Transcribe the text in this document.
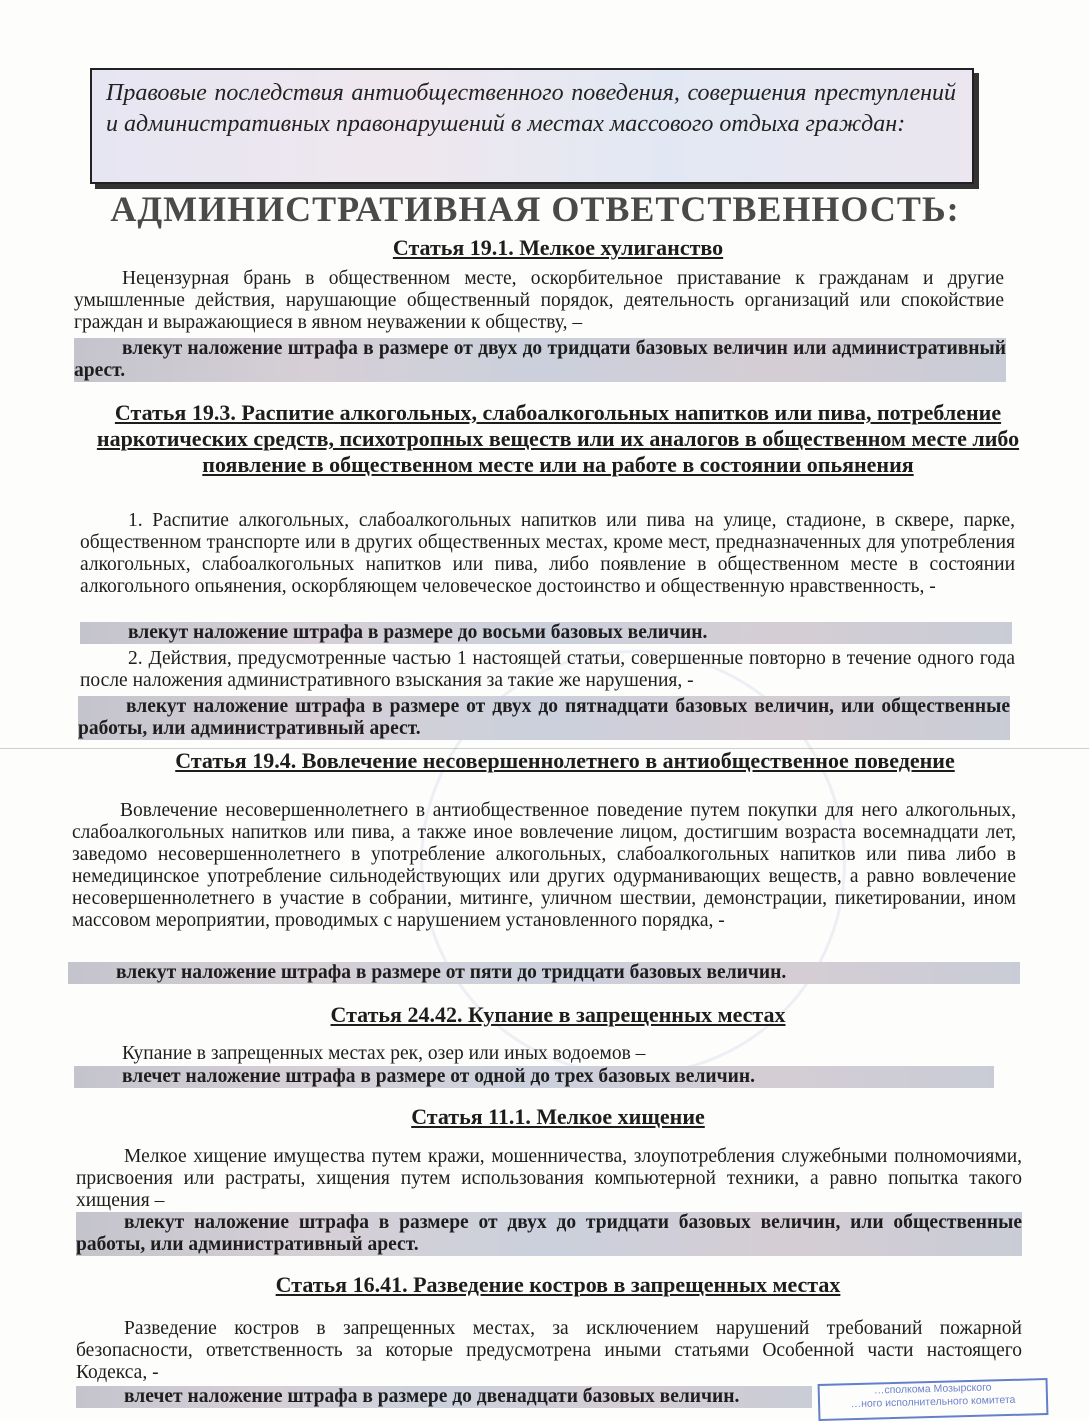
Правовые последствия антиобщественного поведения, совершения преступлений и административных правонарушений в местах массового отдыха граждан:

АДМИНИСТРАТИВНАЯ ОТВЕТСТВЕННОСТЬ:
Статья 19.1. Мелкое хулиганство

Нецензурная брань в общественном месте, оскорбительное приставание к гражданам и другие умышленные действия, нарушающие общественный порядок, деятельность организаций или спокойствие граждан и выражающиеся в явном неуважении к обществу, –

влекут наложение штрафа в размере от двух до тридцати базовых величин или административный арест.

Статья 19.3. Распитие алкогольных, слабоалкогольных напитков или пива, потребление наркотических средств, психотропных веществ или их аналогов в общественном месте либо появление в общественном месте или на работе в состоянии опьянения

1. Распитие алкогольных, слабоалкогольных напитков или пива на улице, стадионе, в сквере, парке, общественном транспорте или в других общественных местах, кроме мест, предназначенных для употребления алкогольных, слабоалкогольных напитков или пива, либо появление в общественном месте в состоянии алкогольного опьянения, оскорбляющем человеческое достоинство и общественную нравственность, -

влекут наложение штрафа в размере до восьми базовых величин.

2. Действия, предусмотренные частью 1 настоящей статьи, совершенные повторно в течение одного года после наложения административного взыскания за такие же нарушения, -

влекут наложение штрафа в размере от двух до пятнадцати базовых величин, или общественные работы, или административный арест.

Статья 19.4. Вовлечение несовершеннолетнего в антиобщественное поведение

Вовлечение несовершеннолетнего в антиобщественное поведение путем покупки для него алкогольных, слабоалкогольных напитков или пива, а также иное вовлечение лицом, достигшим возраста восемнадцати лет, заведомо несовершеннолетнего в употребление алкогольных, слабоалкогольных напитков или пива либо в немедицинское употребление сильнодействующих или других одурманивающих веществ, а равно вовлечение несовершеннолетнего в участие в собрании, митинге, уличном шествии, демонстрации, пикетировании, ином массовом мероприятии, проводимых с нарушением установленного порядка, -

влекут наложение штрафа в размере от пяти до тридцати базовых величин.

Статья 24.42. Купание в запрещенных местах

Купание в запрещенных местах рек, озер или иных водоемов –

влечет наложение штрафа в размере от одной до трех базовых величин.

Статья 11.1. Мелкое хищение

Мелкое хищение имущества путем кражи, мошенничества, злоупотребления служебными полномочиями, присвоения или растраты, хищения путем использования компьютерной техники, а равно попытка такого хищения –

влекут наложение штрафа в размере от двух до тридцати базовых величин, или общественные работы, или административный арест.

Статья 16.41. Разведение костров в запрещенных местах

Разведение костров в запрещенных местах, за исключением нарушений требований пожарной безопасности, ответственность за которые предусмотрена иными статьями Особенной части настоящего Кодекса, -

влечет наложение штрафа в размере до двенадцати базовых величин.	…сполкома Мозырского
…ного исполнительного комитета
